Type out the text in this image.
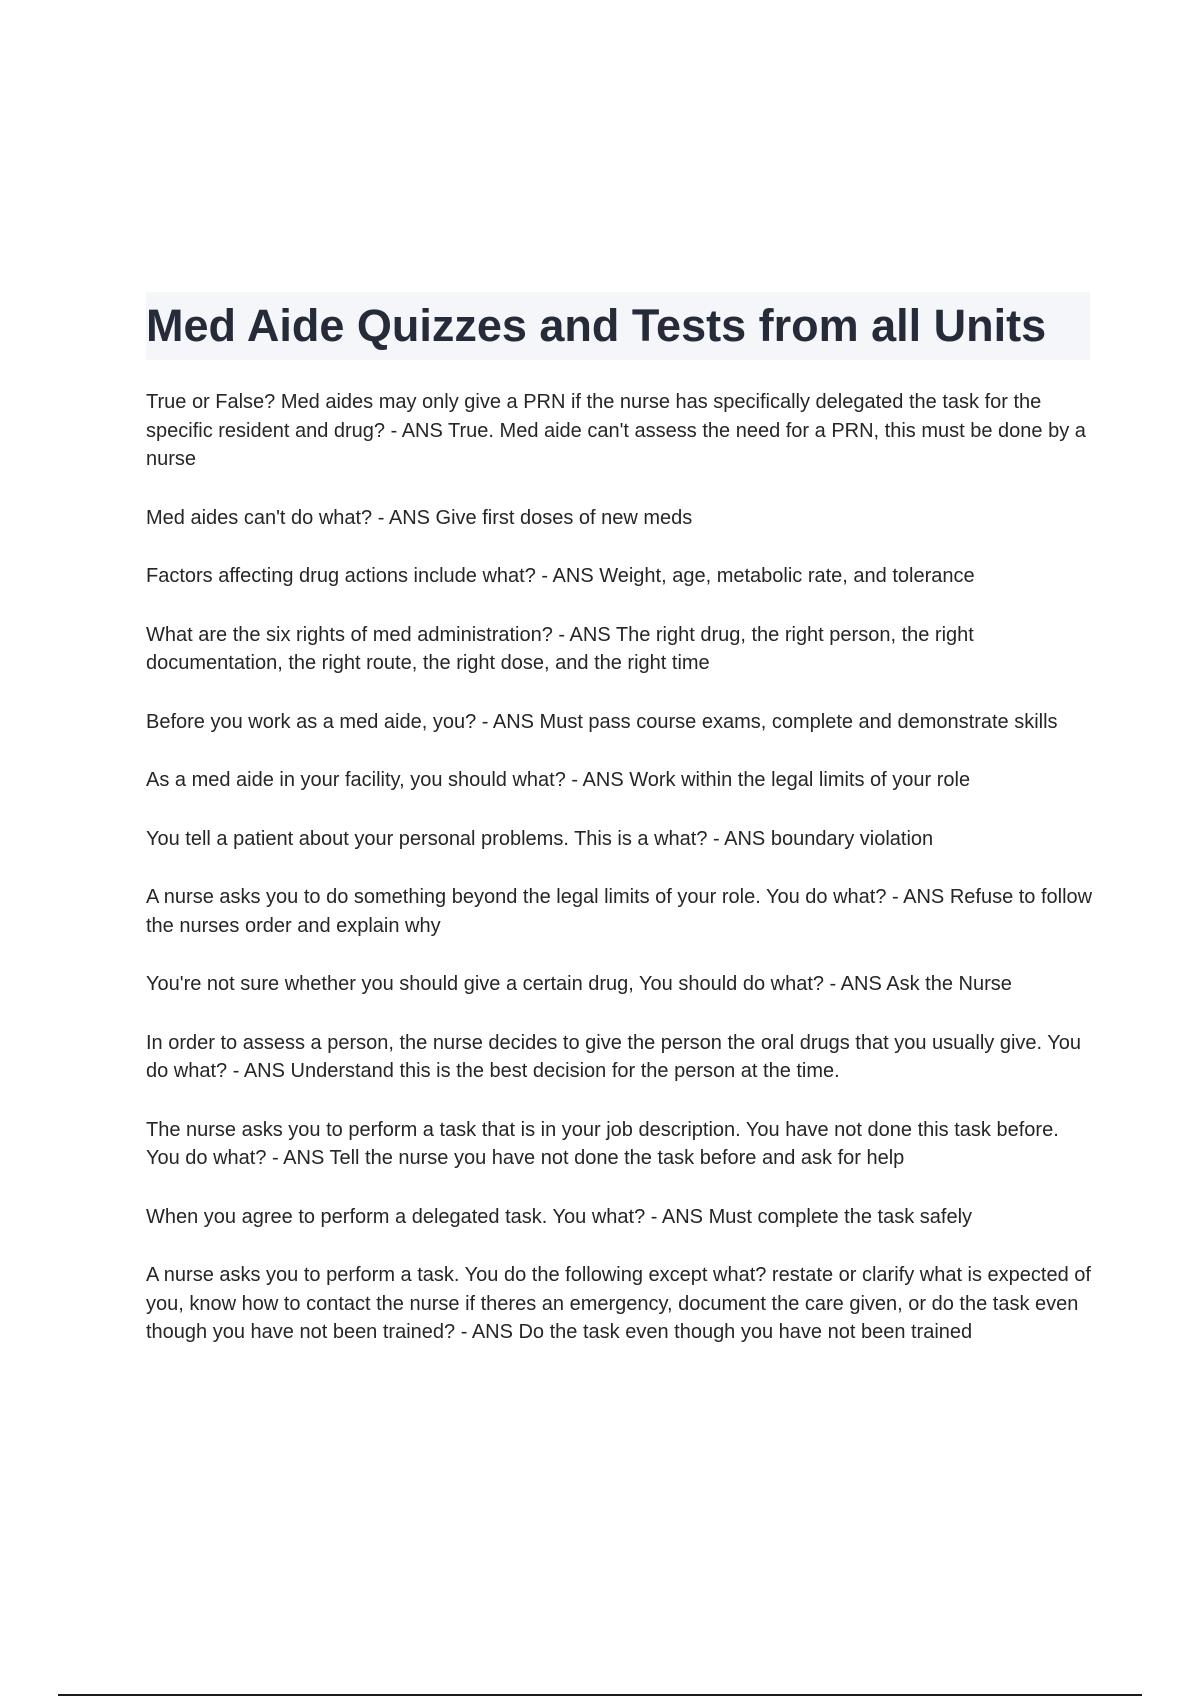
Med Aide Quizzes and Tests from all Units
True or False? Med aides may only give a PRN if the nurse has specifically delegated the task for the specific resident and drug? - ANS True. Med aide can't assess the need for a PRN, this must be done by a nurse
Med aides can't do what? - ANS Give first doses of new meds
Factors affecting drug actions include what? - ANS Weight, age, metabolic rate, and tolerance
What are the six rights of med administration? - ANS The right drug, the right person, the right documentation, the right route, the right dose, and the right time
Before you work as a med aide, you? - ANS Must pass course exams, complete and demonstrate skills
As a med aide in your facility, you should what? - ANS Work within the legal limits of your role
You tell a patient about your personal problems. This is a what? - ANS boundary violation
A nurse asks you to do something beyond the legal limits of your role. You do what? - ANS Refuse to follow the nurses order and explain why
You're not sure whether you should give a certain drug, You should do what? - ANS Ask the Nurse
In order to assess a person, the nurse decides to give the person the oral drugs that you usually give. You do what? - ANS Understand this is the best decision for the person at the time.
The nurse asks you to perform a task that is in your job description. You have not done this task before. You do what? - ANS Tell the nurse you have not done the task before and ask for help
When you agree to perform a delegated task. You what? - ANS Must complete the task safely
A nurse asks you to perform a task. You do the following except what? restate or clarify what is expected of you, know how to contact the nurse if theres an emergency, document the care given, or do the task even though you have not been trained? - ANS Do the task even though you have not been trained
